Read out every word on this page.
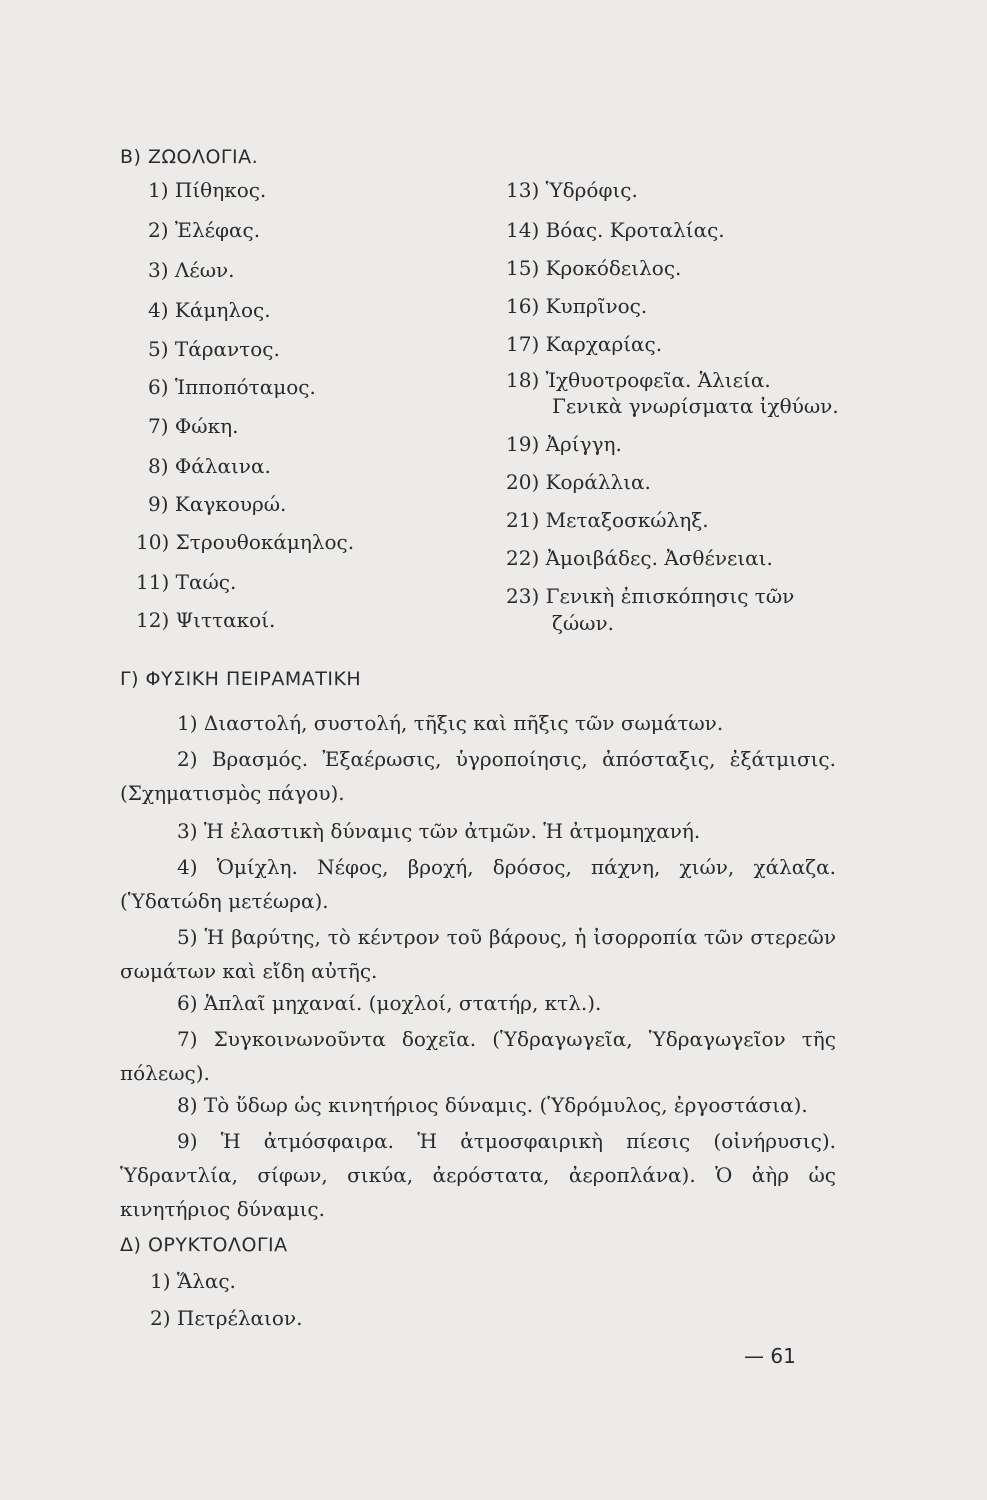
Β) ΖΩΟΛΟΓΙΑ.
1) Πίθηκος.
2) Ἐλέφας.
3) Λέων.
4) Κάμηλος.
5) Τάραντος.
6) Ἱπποπόταμος.
7) Φώκη.
8) Φάλαινα.
9) Καγκουρώ.
10) Στρουθοκάμηλος.
11) Ταώς.
12) Ψιττακοί.
13) Ὑδρόφις.
14) Βόας. Κροταλίας.
15) Κροκόδειλος.
16) Κυπρῖνος.
17) Καρχαρίας.
18) Ἰχθυοτροφεῖα. Ἁλιεία.
Γενικὰ γνωρίσματα ἰχθύων.
19) Ἀρίγγη.
20) Κοράλλια.
21) Μεταξοσκώληξ.
22) Ἀμοιβάδες. Ἀσθένειαι.
23) Γενικὴ ἐπισκόπησις τῶν
ζώων.
Γ) ΦΥΣΙΚΗ ΠΕΙΡΑΜΑΤΙΚΗ
1) Διαστολή, συστολή, τῆξις καὶ πῆξις τῶν σωμάτων.
2) Βρασμός. Ἐξαέρωσις, ὑγροποίησις, ἀπόσταξις, ἐξάτμισις. (Σχηματισμὸς πάγου).
3) Ἡ ἐλαστικὴ δύναμις τῶν ἀτμῶν. Ἡ ἀτμομηχανή.
4) Ὁμίχλη. Νέφος, βροχή, δρόσος, πάχνη, χιών, χάλαζα. (Ὑδατώδη μετέωρα).
5) Ἡ βαρύτης, τὸ κέντρον τοῦ βάρους, ἡ ἰσορροπία τῶν στερεῶν σωμάτων καὶ εἴδη αὐτῆς.
6) Ἁπλαῖ μηχαναί. (μοχλοί, στατήρ, κτλ.).
7) Συγκοινωνοῦντα δοχεῖα. (Ὑδραγωγεῖα, Ὑδραγωγεῖον τῆς πόλεως).
8) Τὸ ὕδωρ ὡς κινητήριος δύναμις. (Ὑδρόμυλος, ἐργοστάσια).
9) Ἡ ἀτμόσφαιρα. Ἡ ἀτμοσφαιρικὴ πίεσις (οἰνήρυσις). Ὑδραντλία, σίφων, σικύα, ἀερόστατα, ἀεροπλάνα). Ὁ ἀὴρ ὡς κινητήριος δύναμις.
Δ) ΟΡΥΚΤΟΛΟΓΙΑ
1) Ἅλας.
2) Πετρέλαιον.
— 61
